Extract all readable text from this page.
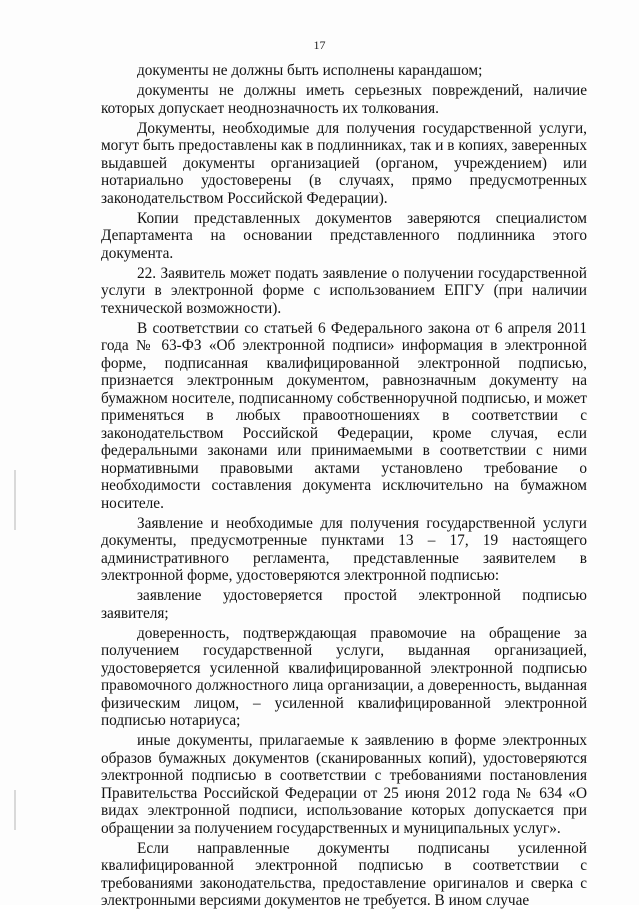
17

документы не должны быть исполнены карандашом;

документы не должны иметь серьезных повреждений, наличие которых допускает неоднозначность их толкования.

Документы, необходимые для получения государственной услуги, могут быть предоставлены как в подлинниках, так и в копиях, заверенных выдавшей документы организацией (органом, учреждением) или нотариально удостоверены (в случаях, прямо предусмотренных законодательством Российской Федерации).

Копии представленных документов заверяются специалистом Департамента на основании представленного подлинника этого документа.

22. Заявитель может подать заявление о получении государственной услуги в электронной форме с использованием ЕПГУ (при наличии технической возможности).

В соответствии со статьей 6 Федерального закона от 6 апреля 2011 года № 63-ФЗ «Об электронной подписи» информация в электронной форме, подписанная квалифицированной электронной подписью, признается электронным документом, равнозначным документу на бумажном носителе, подписанному собственноручной подписью, и может применяться в любых правоотношениях в соответствии с законодательством Российской Федерации, кроме случая, если федеральными законами или принимаемыми в соответствии с ними нормативными правовыми актами установлено требование о необходимости составления документа исключительно на бумажном носителе.

Заявление и необходимые для получения государственной услуги документы, предусмотренные пунктами 13 – 17, 19 настоящего административного регламента, представленные заявителем в электронной форме, удостоверяются электронной подписью:

заявление удостоверяется простой электронной подписью заявителя;

доверенность, подтверждающая правомочие на обращение за получением государственной услуги, выданная организацией, удостоверяется усиленной квалифицированной электронной подписью правомочного должностного лица организации, а доверенность, выданная физическим лицом, – усиленной квалифицированной электронной подписью нотариуса;

иные документы, прилагаемые к заявлению в форме электронных образов бумажных документов (сканированных копий), удостоверяются электронной подписью в соответствии с требованиями постановления Правительства Российской Федерации от 25 июня 2012 года № 634 «О видах электронной подписи, использование которых допускается при обращении за получением государственных и муниципальных услуг».

Если направленные документы подписаны усиленной квалифицированной электронной подписью в соответствии с требованиями законодательства, предоставление оригиналов и сверка с электронными версиями документов не требуется. В ином случае
